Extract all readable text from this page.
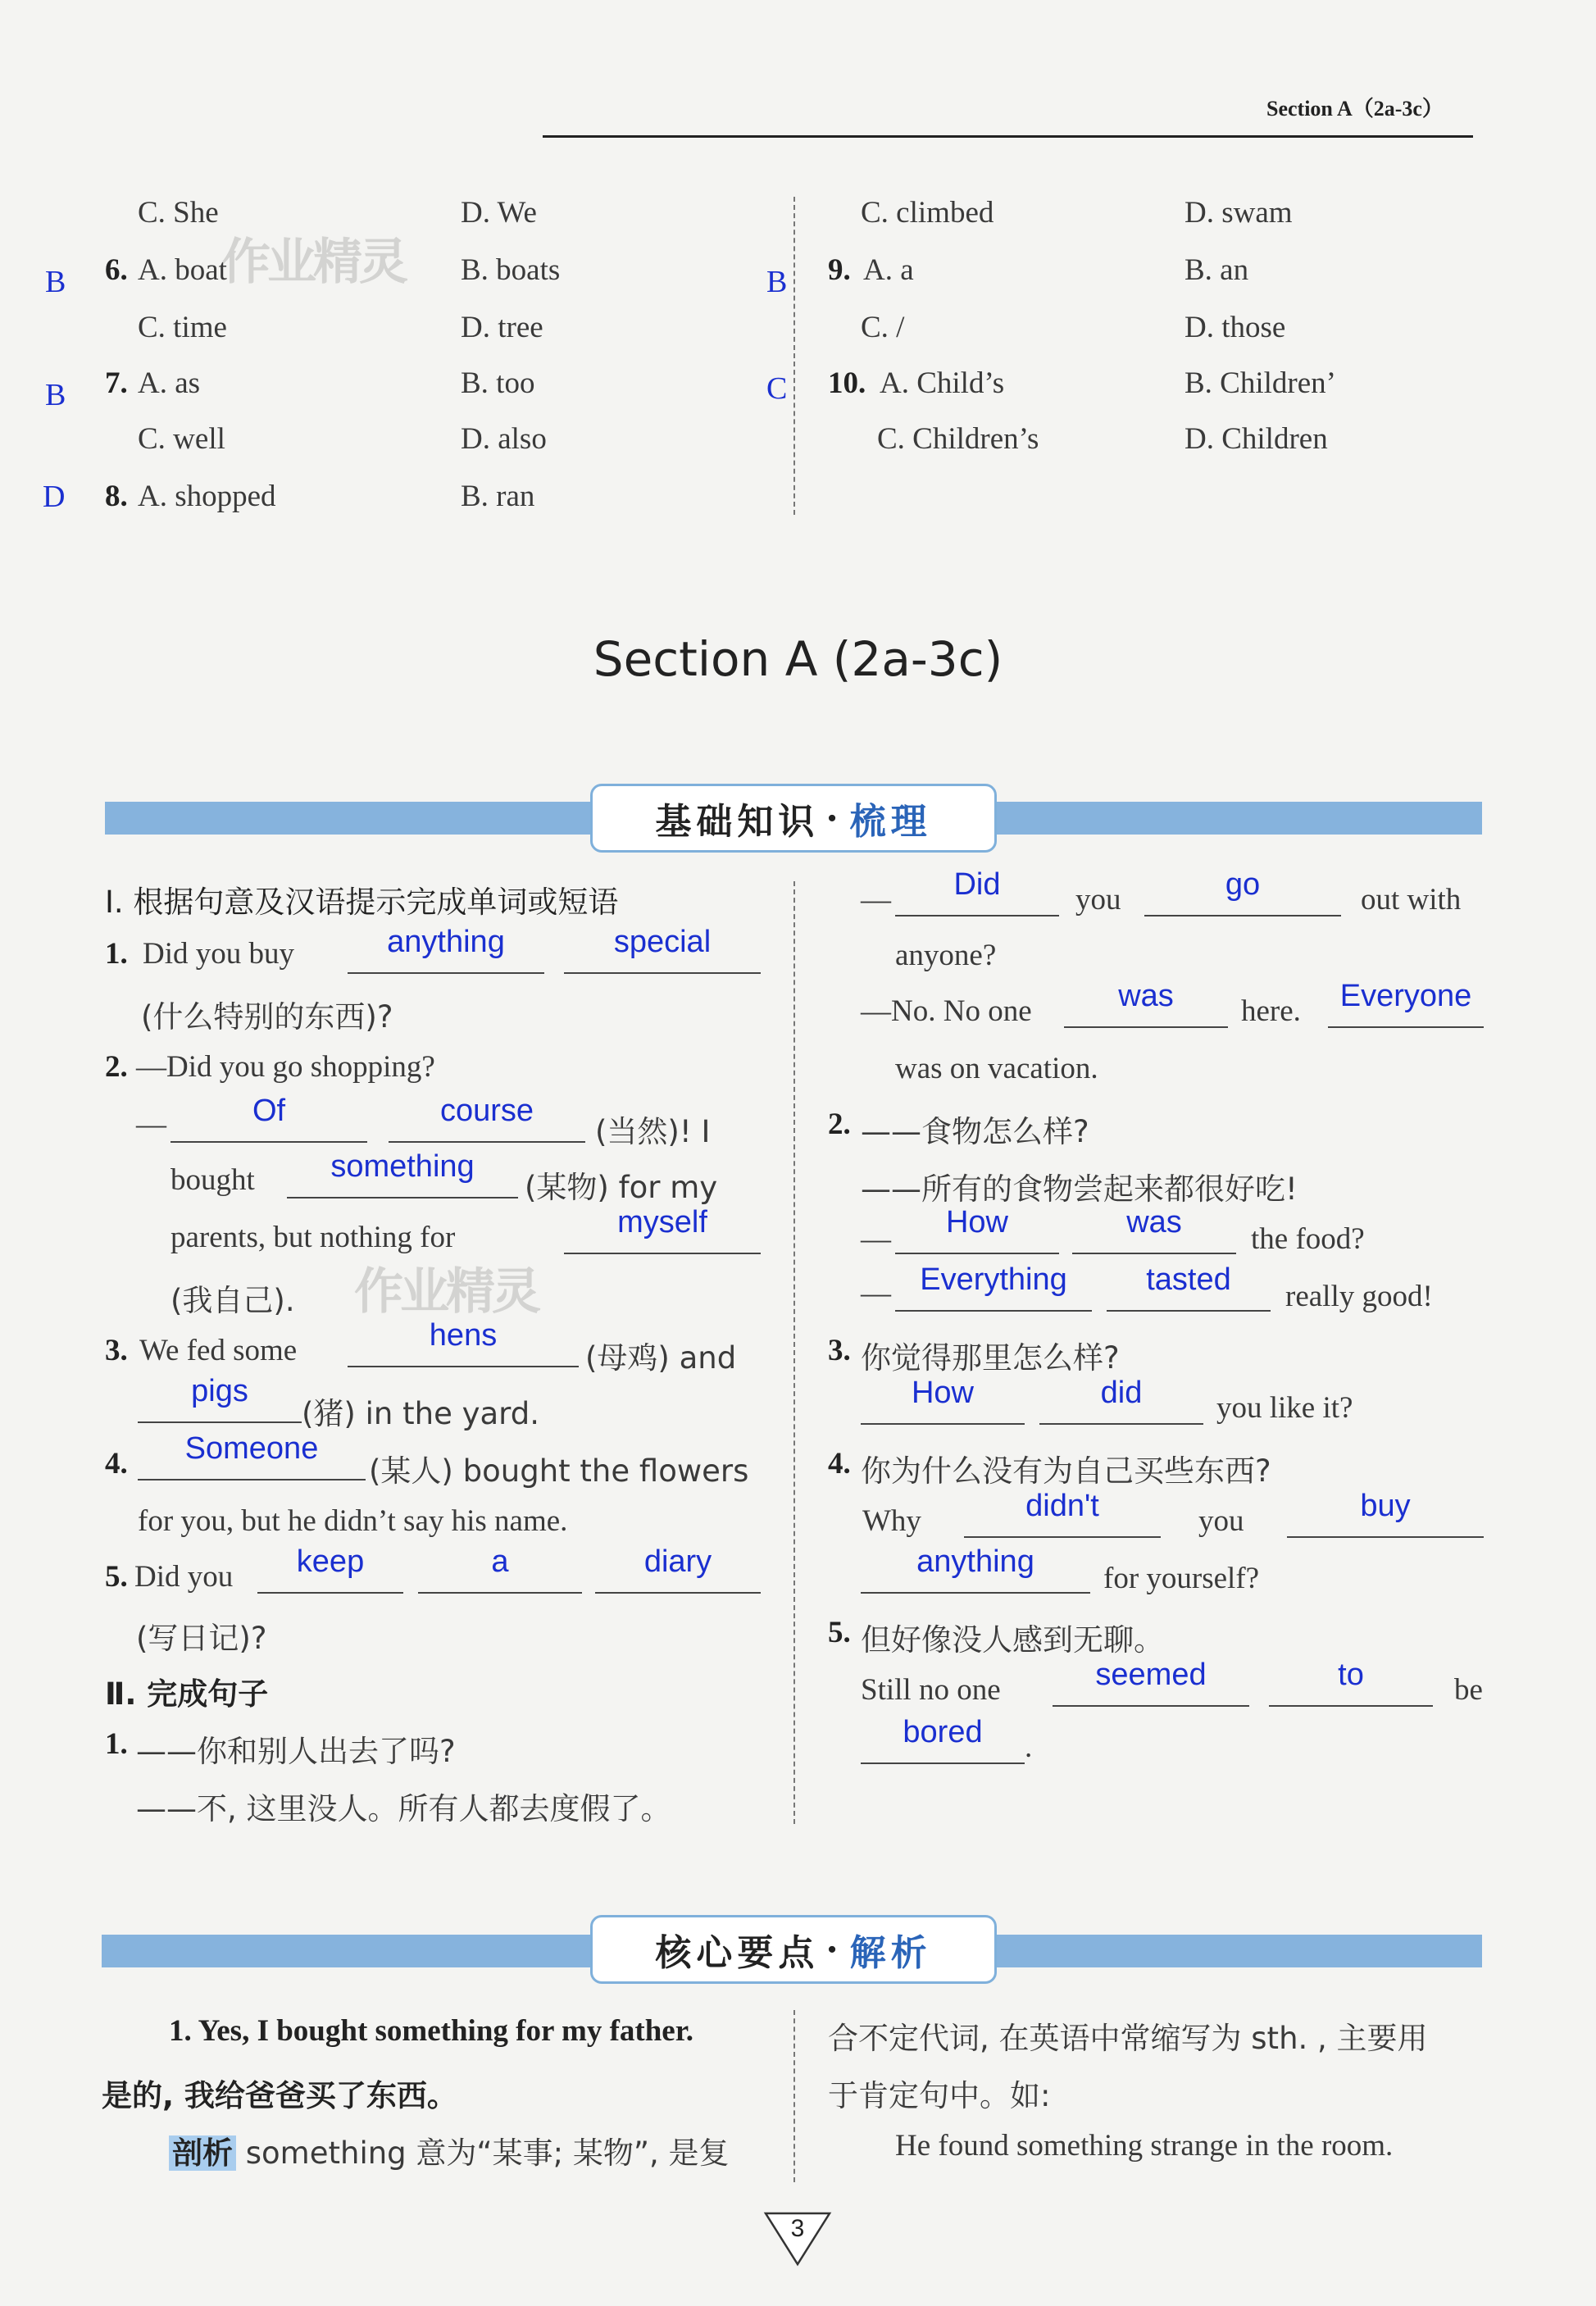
Section A（2a-3c）
C. She	D. We
B 6. A. boat	B. boats
C. time	D. tree
B 7. A. as	B. too
C. well	D. also
D 8. A. shopped	B. ran
作业精灵
C. climbed	D. swam
B 9. A. a	B. an
C. /	D. those
C 10. A. Child’s	B. Children’
C. Children’s	D. Children
Section A (2a-3c)
基础知识 · 梳理
Ⅰ. 根据句意及汉语提示完成单词或短语
1. Did you buy	anything	special
(什么特别的东西)?
2. —Did you go shopping?
—	Of	course
(当然)! I
bought	something
(某物) for my
parents, but nothing for	myself
(我自己). 作业精灵
3. We fed some	hens
(母鸡) and
pigs
(猪) in the yard.
4.	Someone
(某人) bought the flowers
for you, but he didn’t say his name.
5. Did you	keep	a	diary
(写日记)?
Ⅱ. 完成句子
1. ——你和别人出去了吗?
——不, 这里没人。所有人都去度假了。
—	Did	you	go	out with
anyone?
—No. No one	was	here.	Everyone
was on vacation.
2. ——食物怎么样?
——所有的食物尝起来都很好吃!
—	How	was	the food?
— Everything	tasted	really good!
3. 你觉得那里怎么样?
How	did	you like it?
4. 你为什么没有为自己买些东西?
Why	didn't	you	buy
anything	for yourself?
5. 但好像没人感到无聊。
Still no one	seemed	to	be
bored	.
核心要点 · 解析
1. Yes, I bought something for my father.
是的, 我给爸爸买了东西。
剖析 something 意为“某事; 某物”, 是复
合不定代词, 在英语中常缩写为 sth. , 主要用
于肯定句中。如:
He found something strange in the room.
3
